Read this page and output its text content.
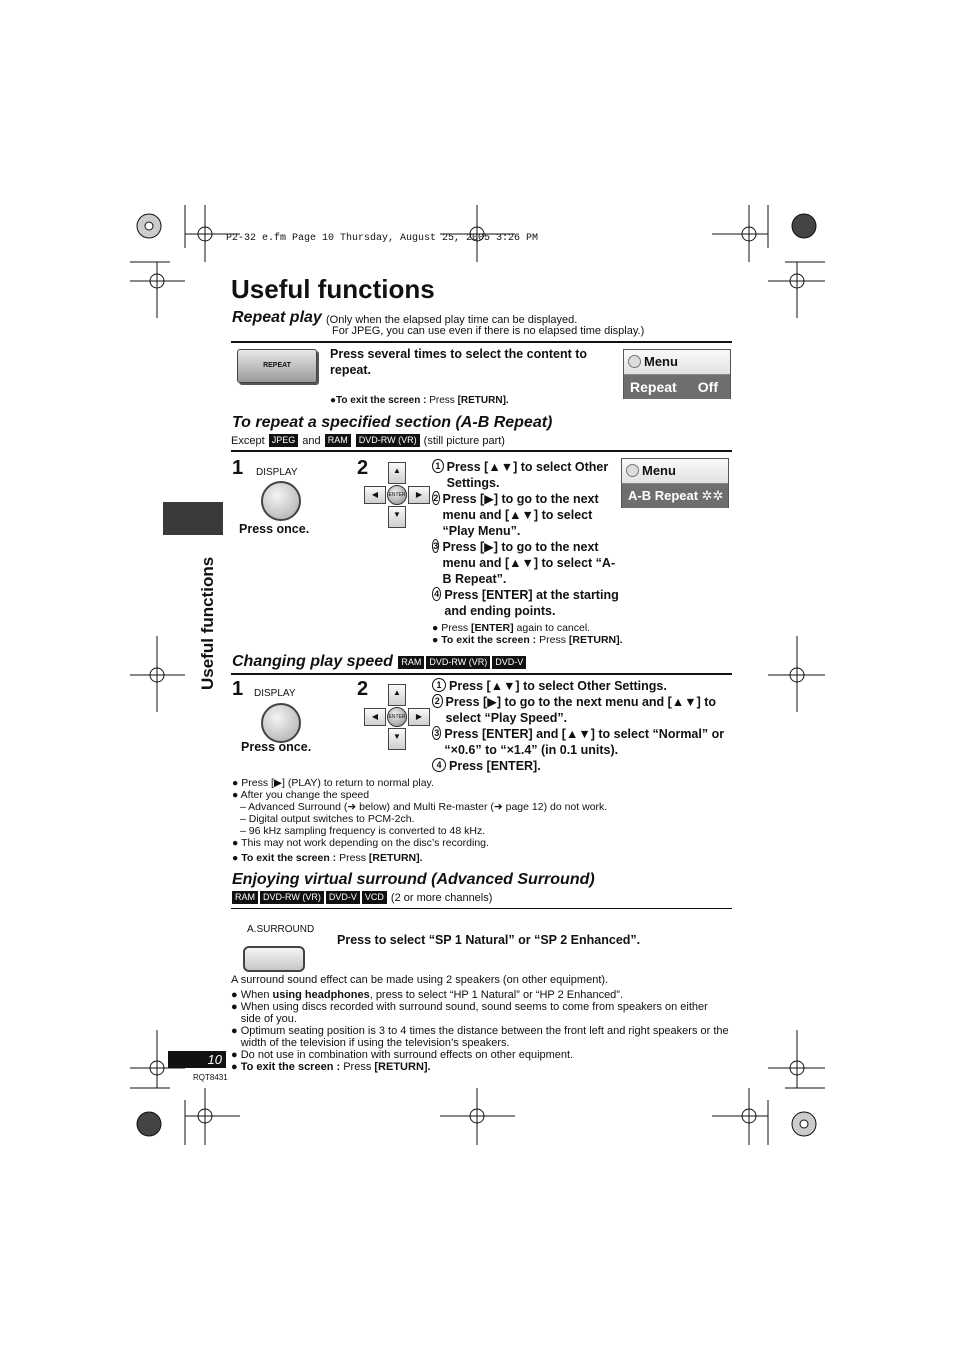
P2-32 e.fm Page 10 Thursday, August 25, 2005 3:26 PM
Useful functions
Useful functions
Repeat play (Only when the elapsed play time can be displayed.
For JPEG, you can use even if there is no elapsed time display.)
REPEAT
Press several times to select the content to repeat.
●To exit the screen : Press [RETURN].
Menu
Repeat Off
To repeat a specified section (A-B Repeat)
Except JPEG and RAM DVD-RW (VR) (still picture part)
1 DISPLAY
Press once.
2	▲
▼
◀	▶
ENTER
1 Press [▲▼] to select Other Settings.
2 Press [▶] to go to the next menu and [▲▼] to select “Play Menu”.
3 Press [▶] to go to the next menu and [▲▼] to select “A-B Repeat”.
4 Press [ENTER] at the starting and ending points.
● Press [ENTER] again to cancel.
● To exit the screen : Press [RETURN].
Menu
A-B Repeat ✲✲
Changing play speed RAM DVD-RW (VR) DVD-V
1 DISPLAY
Press once.
2	▲
▼
◀	▶
ENTER
1 Press [▲▼] to select Other Settings.
2 Press [▶] to go to the next menu and [▲▼] to select “Play Speed”.
3 Press [ENTER] and [▲▼] to select “Normal” or “×0.6” to “×1.4” (in 0.1 units).
4 Press [ENTER].
● Press [▶] (PLAY) to return to normal play.
● After you change the speed
– Advanced Surround (➜ below) and Multi Re-master (➜ page 12) do not work.
– Digital output switches to PCM-2ch.
– 96 kHz sampling frequency is converted to 48 kHz.
● This may not work depending on the disc’s recording.
● To exit the screen : Press [RETURN].
Enjoying virtual surround (Advanced Surround)
RAM DVD-RW (VR) DVD-V VCD (2 or more channels)
A.SURROUND
Press to select “SP 1 Natural” or “SP 2 Enhanced”.
A surround sound effect can be made using 2 speakers (on other equipment).
● When using headphones, press to select “HP 1 Natural” or “HP 2 Enhanced”.
● When using discs recorded with surround sound, sound seems to come from speakers on either side of you.
● Optimum seating position is 3 to 4 times the distance between the front left and right speakers or the width of the television if using the television’s speakers.
● Do not use in combination with surround effects on other equipment.
● To exit the screen : Press [RETURN].
10
RQT8431
